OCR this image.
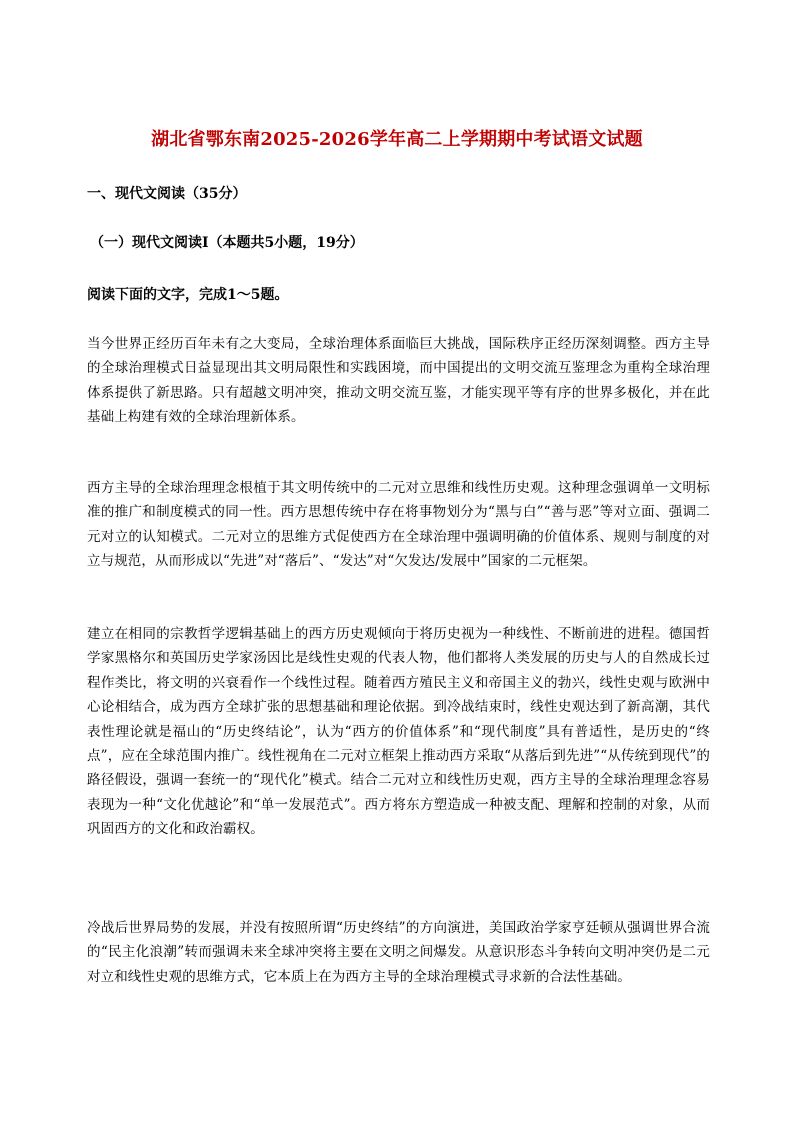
湖北省鄂东南2025-2026学年高二上学期期中考试语文试题
一、现代文阅读（35分）
（一）现代文阅读Ⅰ（本题共5小题，19分）
阅读下面的文字，完成1～5题。
当今世界正经历百年未有之大变局，全球治理体系面临巨大挑战，国际秩序正经历深刻调整。西方主导的全球治理模式日益显现出其文明局限性和实践困境，而中国提出的文明交流互鉴理念为重构全球治理体系提供了新思路。只有超越文明冲突，推动文明交流互鉴，才能实现平等有序的世界多极化，并在此基础上构建有效的全球治理新体系。
西方主导的全球治理理念根植于其文明传统中的二元对立思维和线性历史观。这种理念强调单一文明标准的推广和制度模式的同一性。西方思想传统中存在将事物划分为“黑与白”“善与恶”等对立面、强调二元对立的认知模式。二元对立的思维方式促使西方在全球治理中强调明确的价值体系、规则与制度的对立与规范，从而形成以“先进”对“落后”、“发达”对“欠发达/发展中”国家的二元框架。
建立在相同的宗教哲学逻辑基础上的西方历史观倾向于将历史视为一种线性、不断前进的进程。德国哲学家黑格尔和英国历史学家汤因比是线性史观的代表人物，他们都将人类发展的历史与人的自然成长过程作类比，将文明的兴衰看作一个线性过程。随着西方殖民主义和帝国主义的勃兴，线性史观与欧洲中心论相结合，成为西方全球扩张的思想基础和理论依据。到冷战结束时，线性史观达到了新高潮，其代表性理论就是福山的“历史终结论”，认为“西方的价值体系”和“现代制度”具有普适性，是历史的“终点”，应在全球范围内推广。线性视角在二元对立框架上推动西方采取“从落后到先进”“从传统到现代”的路径假设，强调一套统一的“现代化”模式。结合二元对立和线性历史观，西方主导的全球治理理念容易表现为一种“文化优越论”和“单一发展范式”。西方将东方塑造成一种被支配、理解和控制的对象，从而巩固西方的文化和政治霸权。
冷战后世界局势的发展，并没有按照所谓“历史终结”的方向演进，美国政治学家亨廷顿从强调世界合流的“民主化浪潮”转而强调未来全球冲突将主要在文明之间爆发。从意识形态斗争转向文明冲突仍是二元对立和线性史观的思维方式，它本质上在为西方主导的全球治理模式寻求新的合法性基础。
